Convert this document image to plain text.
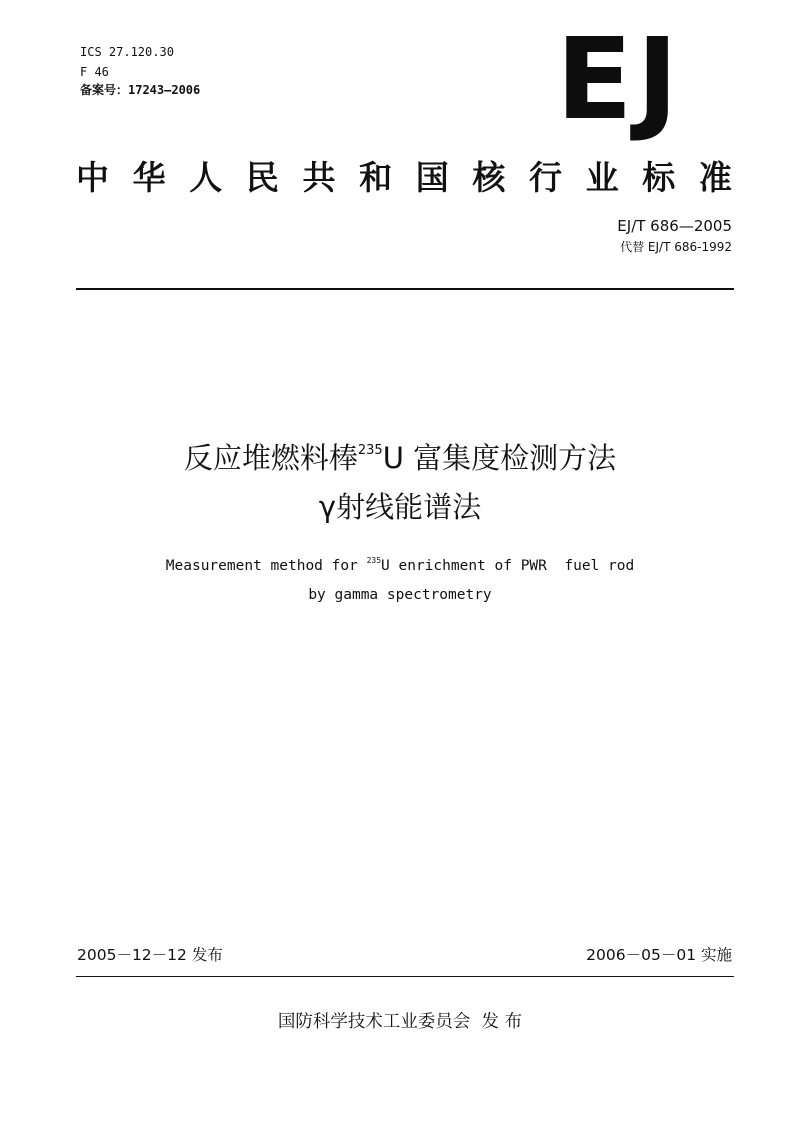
ICS 27.120.30
F 46
备案号：17243—2006	EJ
中 华 人 民 共 和 国 核 行 业 标 准
EJ/T 686—2005
代替 EJ/T 686-1992
反应堆燃料棒$^{235}$U 富集度检测方法
γ射线能谱法
Measurement method for $^{235}$U enrichment of PWR  fuel rod
by gamma spectrometry
2005－12－12 发布	2006－05－01 实施
国防科学技术工业委员会  发 布
